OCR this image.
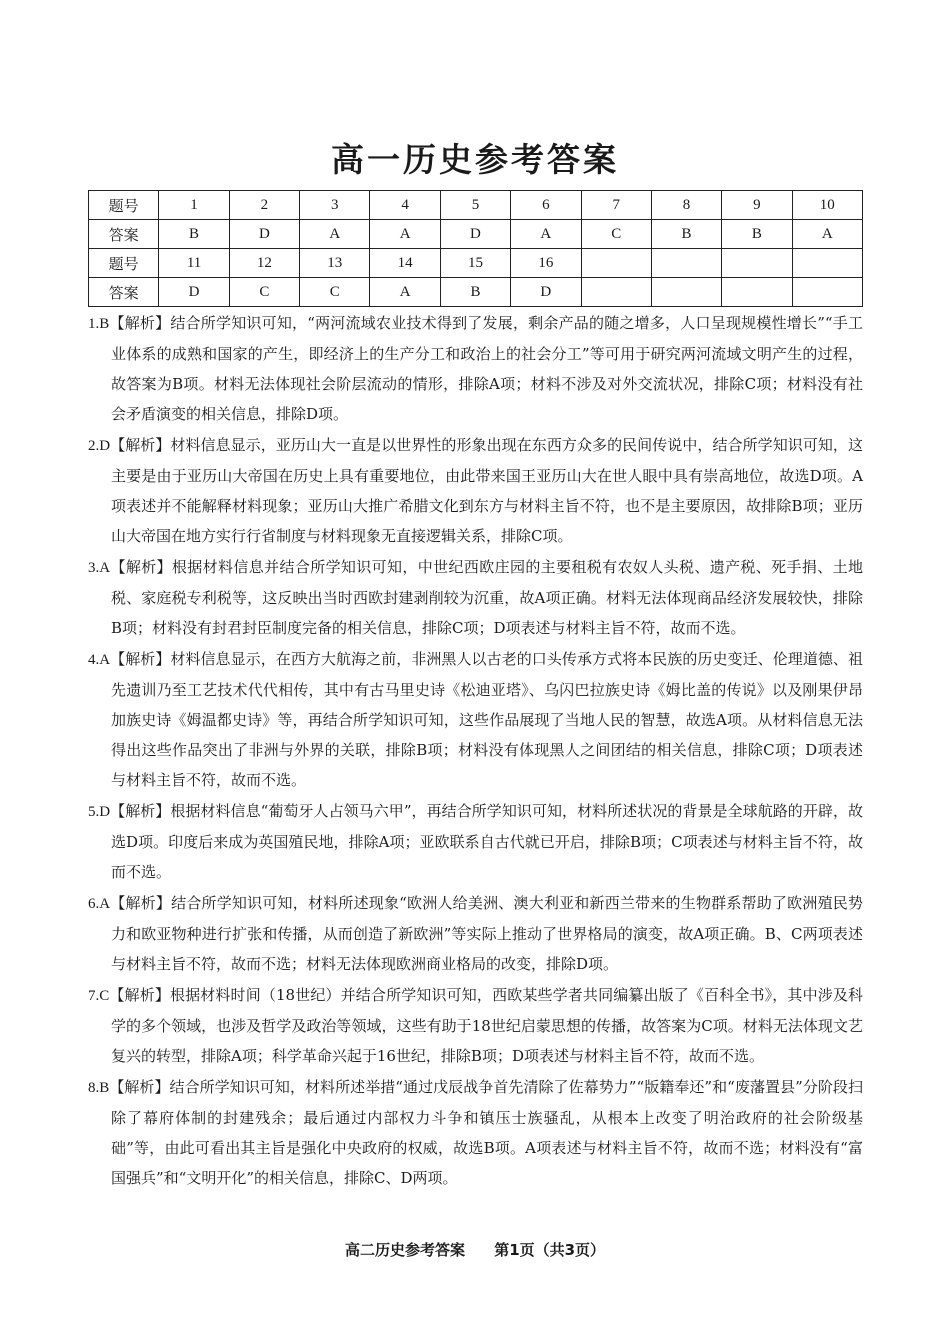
高一历史参考答案
题号	1	2	3	4	5	6	7	8	9	10
答案	B	D	A	A	D	A	C	B	B	A
题号	11	12	13	14	15	16				
答案	D	C	C	A	B	D				

1.B【解析】结合所学知识可知，“两河流域农业技术得到了发展，剩余产品的随之增多，人口呈现规模性增长”“手工业体系的成熟和国家的产生，即经济上的生产分工和政治上的社会分工”等可用于研究两河流域文明产生的过程，故答案为B项。材料无法体现社会阶层流动的情形，排除A项；材料不涉及对外交流状况，排除C项；材料没有社会矛盾演变的相关信息，排除D项。

2.D【解析】材料信息显示，亚历山大一直是以世界性的形象出现在东西方众多的民间传说中，结合所学知识可知，这主要是由于亚历山大帝国在历史上具有重要地位，由此带来国王亚历山大在世人眼中具有崇高地位，故选D项。A项表述并不能解释材料现象；亚历山大推广希腊文化到东方与材料主旨不符，也不是主要原因，故排除B项；亚历山大帝国在地方实行行省制度与材料现象无直接逻辑关系，排除C项。

3.A【解析】根据材料信息并结合所学知识可知，中世纪西欧庄园的主要租税有农奴人头税、遗产税、死手捐、土地税、家庭税专利税等，这反映出当时西欧封建剥削较为沉重，故A项正确。材料无法体现商品经济发展较快，排除B项；材料没有封君封臣制度完备的相关信息，排除C项；D项表述与材料主旨不符，故而不选。

4.A【解析】材料信息显示，在西方大航海之前，非洲黑人以古老的口头传承方式将本民族的历史变迁、伦理道德、祖先遗训乃至工艺技术代代相传，其中有古马里史诗《松迪亚塔》、乌闪巴拉族史诗《姆比盖的传说》以及刚果伊昂加族史诗《姆温都史诗》等，再结合所学知识可知，这些作品展现了当地人民的智慧，故选A项。从材料信息无法得出这些作品突出了非洲与外界的关联，排除B项；材料没有体现黑人之间团结的相关信息，排除C项；D项表述与材料主旨不符，故而不选。

5.D【解析】根据材料信息“葡萄牙人占领马六甲”，再结合所学知识可知，材料所述状况的背景是全球航路的开辟，故选D项。印度后来成为英国殖民地，排除A项；亚欧联系自古代就已开启，排除B项；C项表述与材料主旨不符，故而不选。

6.A【解析】结合所学知识可知，材料所述现象“欧洲人给美洲、澳大利亚和新西兰带来的生物群系帮助了欧洲殖民势力和欧亚物种进行扩张和传播，从而创造了新欧洲”等实际上推动了世界格局的演变，故A项正确。B、C两项表述与材料主旨不符，故而不选；材料无法体现欧洲商业格局的改变，排除D项。

7.C【解析】根据材料时间（18世纪）并结合所学知识可知，西欧某些学者共同编纂出版了《百科全书》，其中涉及科学的多个领域，也涉及哲学及政治等领域，这些有助于18世纪启蒙思想的传播，故答案为C项。材料无法体现文艺复兴的转型，排除A项；科学革命兴起于16世纪，排除B项；D项表述与材料主旨不符，故而不选。

8.B【解析】结合所学知识可知，材料所述举措“通过戊辰战争首先清除了佐幕势力”“版籍奉还”和“废藩置县”分阶段扫除了幕府体制的封建残余；最后通过内部权力斗争和镇压士族骚乱，从根本上改变了明治政府的社会阶级基础”等，由此可看出其主旨是强化中央政府的权威，故选B项。A项表述与材料主旨不符，故而不选；材料没有“富国强兵”和“文明开化”的相关信息，排除C、D两项。

高二历史参考答案 第1页（共3页）
